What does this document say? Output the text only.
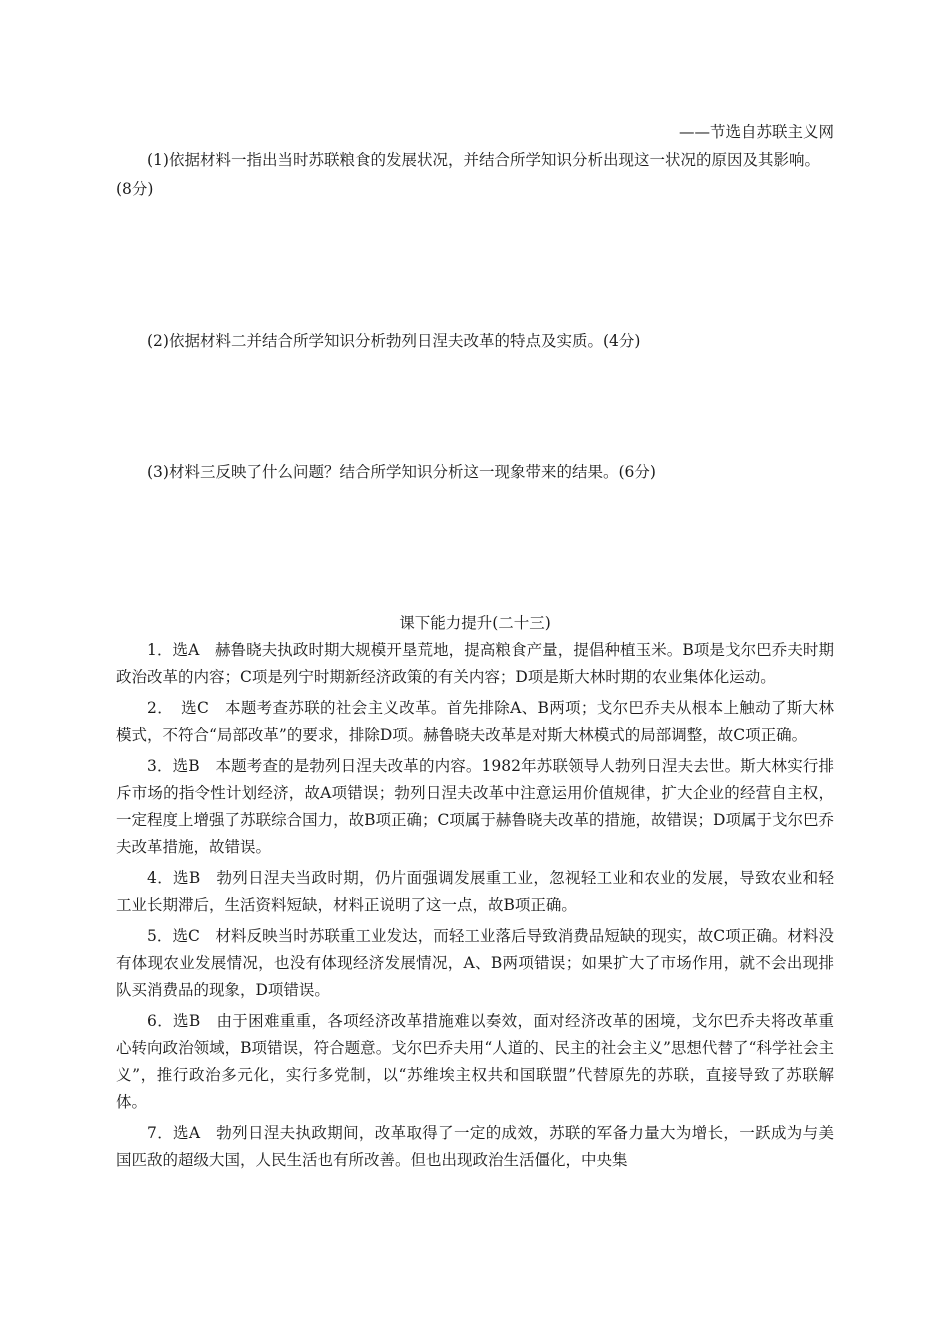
——节选自苏联主义网

(1)依据材料一指出当时苏联粮食的发展状况，并结合所学知识分析出现这一状况的原因及其影响。(8分)

(2)依据材料二并结合所学知识分析勃列日涅夫改革的特点及实质。(4分)

(3)材料三反映了什么问题？结合所学知识分析这一现象带来的结果。(6分)

课下能力提升(二十三)

1．选A　赫鲁晓夫执政时期大规模开垦荒地，提高粮食产量，提倡种植玉米。B项是戈尔巴乔夫时期政治改革的内容；C项是列宁时期新经济政策的有关内容；D项是斯大林时期的农业集体化运动。

2．　选C　本题考查苏联的社会主义改革。首先排除A、B两项；戈尔巴乔夫从根本上触动了斯大林模式，不符合“局部改革”的要求，排除D项。赫鲁晓夫改革是对斯大林模式的局部调整，故C项正确。

3．选B　本题考查的是勃列日涅夫改革的内容。1982年苏联领导人勃列日涅夫去世。斯大林实行排斥市场的指令性计划经济，故A项错误；勃列日涅夫改革中注意运用价值规律，扩大企业的经营自主权，一定程度上增强了苏联综合国力，故B项正确；C项属于赫鲁晓夫改革的措施，故错误；D项属于戈尔巴乔夫改革措施，故错误。

4．选B　勃列日涅夫当政时期，仍片面强调发展重工业，忽视轻工业和农业的发展，导致农业和轻工业长期滞后，生活资料短缺，材料正说明了这一点，故B项正确。

5．选C　材料反映当时苏联重工业发达，而轻工业落后导致消费品短缺的现实，故C项正确。材料没有体现农业发展情况，也没有体现经济发展情况，A、B两项错误；如果扩大了市场作用，就不会出现排队买消费品的现象，D项错误。

6．选B　由于困难重重，各项经济改革措施难以奏效，面对经济改革的困境，戈尔巴乔夫将改革重心转向政治领域，B项错误，符合题意。戈尔巴乔夫用“人道的、民主的社会主义”思想代替了“科学社会主义”，推行政治多元化，实行多党制，以“苏维埃主权共和国联盟”代替原先的苏联，直接导致了苏联解体。

7．选A　勃列日涅夫执政期间，改革取得了一定的成效，苏联的军备力量大为增长，一跃成为与美国匹敌的超级大国，人民生活也有所改善。但也出现政治生活僵化，中央集
